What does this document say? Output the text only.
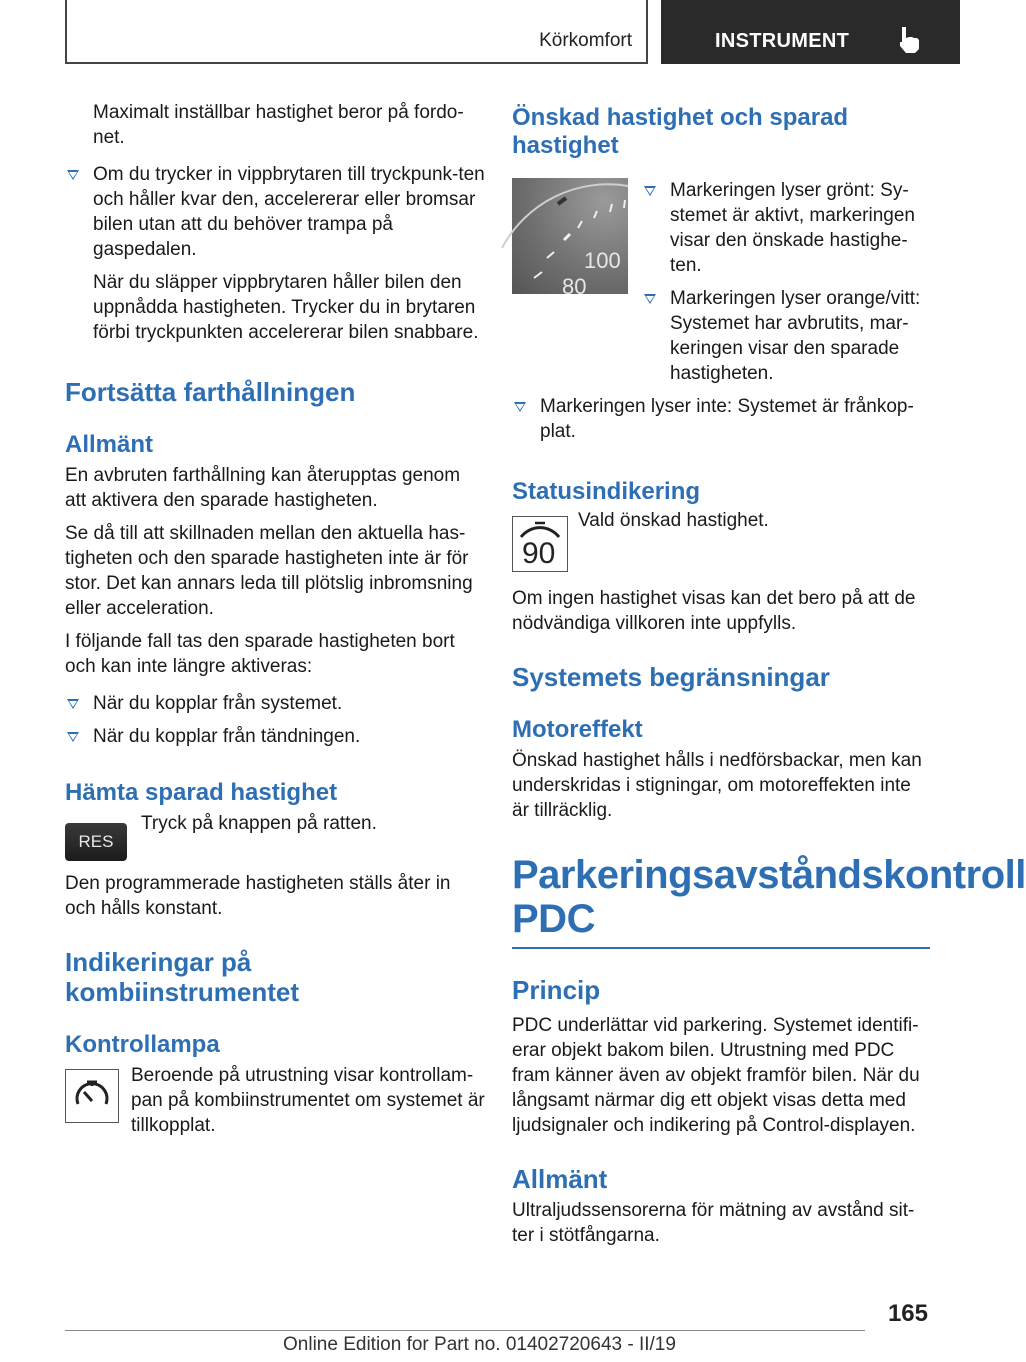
Körkomfort	INSTRUMENT

Maximalt inställbar hastighet beror på fordo-net.

Om du trycker in vippbrytaren till tryckpunk-ten och håller kvar den, accelererar eller bromsar bilen utan att du behöver trampa på gaspedalen.

När du släpper vippbrytaren håller bilen den uppnådda hastigheten. Trycker du in brytaren förbi tryckpunkten accelererar bilen snabbare.

Fortsätta farthållningen
Allmänt

En avbruten farthållning kan återupptas genom att aktivera den sparade hastigheten.

Se då till att skillnaden mellan den aktuella has-tigheten och den sparade hastigheten inte är för stor. Det kan annars leda till plötslig inbromsning eller acceleration.

I följande fall tas den sparade hastigheten bort och kan inte längre aktiveras:

När du kopplar från systemet.
När du kopplar från tändningen.
Hämta sparad hastighet
RES

Tryck på knappen på ratten.

Den programmerade hastigheten ställs åter in och hålls konstant.

Indikeringar på kombiinstrumentet
Kontrollampa

Beroende på utrustning visar kontrollam-pan på kombiinstrumentet om systemet är tillkopplat.

Önskad hastighet och sparad hastighet
100
80
Markeringen lyser grönt: Sy-stemet är aktivt, markeringen visar den önskade hastighe-ten.
Markeringen lyser orange/vitt: Systemet har avbrutits, mar-keringen visar den sparade hastigheten.
Markeringen lyser inte: Systemet är frånkop-plat.
Statusindikering
90

Vald önskad hastighet.

Om ingen hastighet visas kan det bero på att de nödvändiga villkoren inte uppfylls.

Systemets begränsningar
Motoreffekt

Önskad hastighet hålls i nedförsbackar, men kan underskridas i stigningar, om motoreffekten inte är tillräcklig.

Parkeringsavståndskontroll PDC
Princip

PDC underlättar vid parkering. Systemet identifi-erar objekt bakom bilen. Utrustning med PDC fram känner även av objekt framför bilen. När du långsamt närmar dig ett objekt visas detta med ljudsignaler och indikering på Control-displayen.

Allmänt

Ultraljudssensorerna för mätning av avstånd sit-ter i stötfångarna.

165
Online Edition for Part no. 01402720643 - II/19
